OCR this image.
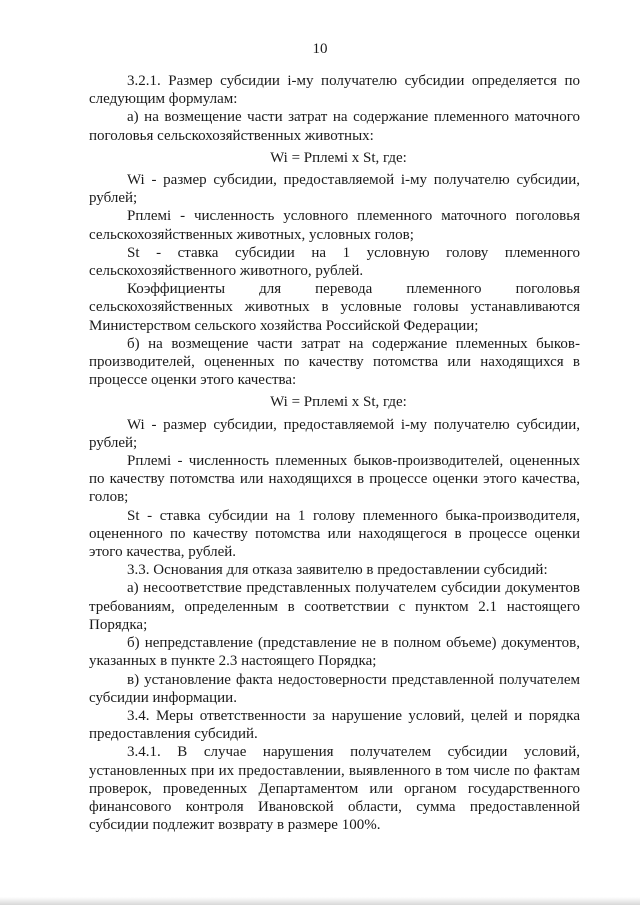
10

3.2.1. Размер субсидии i-му получателю субсидии определяется по следующим формулам:

а) на возмещение части затрат на содержание племенного маточного поголовья сельскохозяйственных животных:

Wi = Рплемі x St, где:

Wi - размер субсидии, предоставляемой i-му получателю субсидии, рублей;

Рплемі - численность условного племенного маточного поголовья сельскохозяйственных животных, условных голов;

St - ставка субсидии на 1 условную голову племенного сельскохозяйственного животного, рублей.

Коэффициенты для перевода племенного поголовья сельскохозяйственных животных в условные головы устанавливаются Министерством сельского хозяйства Российской Федерации;

б) на возмещение части затрат на содержание племенных быков-производителей, оцененных по качеству потомства или находящихся в процессе оценки этого качества:

Wi = Рплемі x St, где:

Wi - размер субсидии, предоставляемой i-му получателю субсидии, рублей;

Рплемі - численность племенных быков-производителей, оцененных по качеству потомства или находящихся в процессе оценки этого качества, голов;

St - ставка субсидии на 1 голову племенного быка-производителя, оцененного по качеству потомства или находящегося в процессе оценки этого качества, рублей.

3.3. Основания для отказа заявителю в предоставлении субсидий:

а) несоответствие представленных получателем субсидии документов требованиям, определенным в соответствии с пунктом 2.1 настоящего Порядка;

б) непредставление (представление не в полном объеме) документов, указанных в пункте 2.3 настоящего Порядка;

в) установление факта недостоверности представленной получателем субсидии информации.

3.4. Меры ответственности за нарушение условий, целей и порядка предоставления субсидий.

3.4.1. В случае нарушения получателем субсидии условий, установленных при их предоставлении, выявленного в том числе по фактам проверок, проведенных Департаментом или органом государственного финансового контроля Ивановской области, сумма предоставленной субсидии подлежит возврату в размере 100%.
